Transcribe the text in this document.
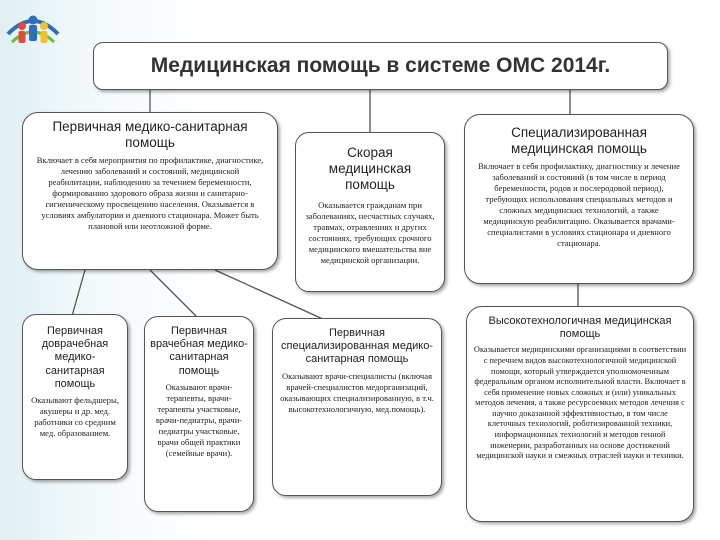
Медицинская помощь в системе ОМС 2014г.
Первичная медико-санитарная помощь
Включает в себя мероприятия по профилактике, диагностике, лечению заболеваний и состояний, медицинской реабилитации, наблюдению за течением беременности, формированию здорового образа жизни и санитарно-гигиеническому просвещению населения. Оказывается в условиях амбулатории и дневного стационара. Может быть плановой или неотложной форме.
Скорая медицинская помощь
Оказывается гражданам при заболеваниях, несчастных случаях, травмах, отравлениях и других состояниях, требующих срочного медицинского вмешательства вне медицинской организации.
Специализированная медицинская помощь
Включает в себя профилактику, диагностику и лечение заболеваний и состояний (в том числе в период беременности, родов и послеродовой период), требующих использования специальных методов и сложных медицинских технологий, а также медицинскую реабилитацию. Оказывается врачами-специалистами в условиях стационара и дневного стационара.
Первичная доврачебная медико-санитарная помощь
Оказывают фельдшеры, акушеры и др. мед. работники со средним мед. образованием.
Первичная врачебная медико-санитарная помощь
Оказывают врачи-терапевты, врачи-терапевты участковые, врачи-педиатры, врачи-педиатры участковые, врачи общей практики (семейные врачи).
Первичная специализированная медико-санитарная помощь
Оказывают врачи-специалисты (включая врачей-специалистов медорганизаций, оказывающих специализированную, в т.ч. высокотехнологичную, мед.помощь).
Высокотехнологичная медицинская помощь
Оказывается медицинскими организациями в соответствии с перечнем видов высокотехнологичной медицинской помощи, который утверждается уполномоченным федеральным органом исполнительной власти. Включает в себя применение новых сложных и (или) уникальных методов лечения, а также ресурсоемких методов лечения с научно доказанной эффективностью, в том числе клеточных технологий, роботизированной техники, информационных технологий и методов генной инженерии, разработанных на основе достижений медицинской науки и смежных отраслей науки и техники.
